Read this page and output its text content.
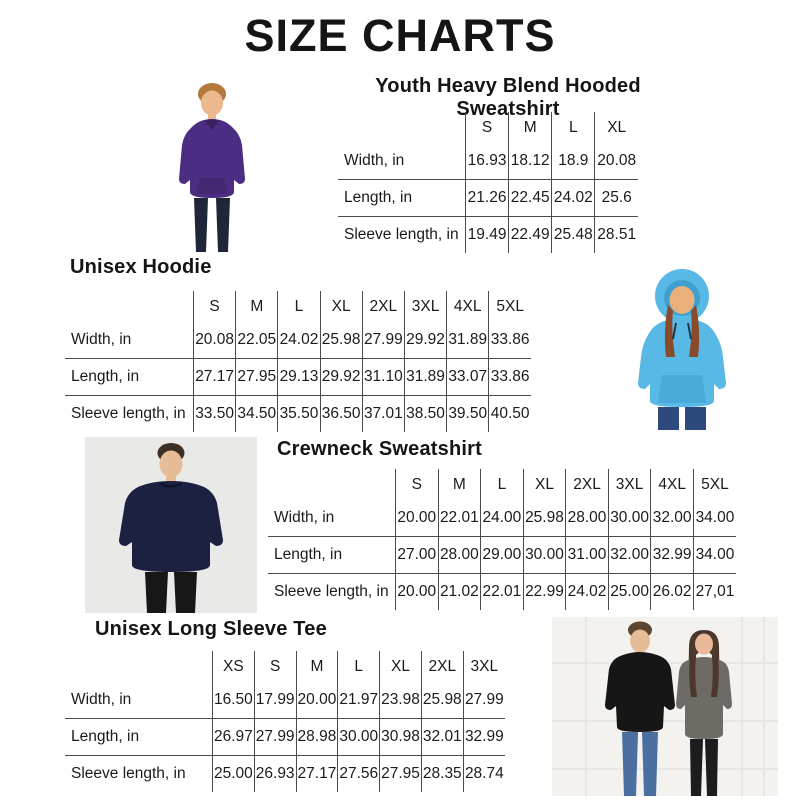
SIZE CHARTS
Youth Heavy Blend Hooded Sweatshirt
	S	M	L	XL
Width, in	16.93	18.12	18.9	20.08
Length, in	21.26	22.45	24.02	25.6
Sleeve length, in	19.49	22.49	25.48	28.51
Unisex Hoodie
	S	M	L	XL	2XL	3XL	4XL	5XL
Width, in	20.08	22.05	24.02	25.98	27.99	29.92	31.89	33.86
Length, in	27.17	27.95	29.13	29.92	31.10	31.89	33.07	33.86
Sleeve length, in	33.50	34.50	35.50	36.50	37.01	38.50	39.50	40.50
Crewneck Sweatshirt
	S	M	L	XL	2XL	3XL	4XL	5XL
Width, in	20.00	22.01	24.00	25.98	28.00	30.00	32.00	34.00
Length, in	27.00	28.00	29.00	30.00	31.00	32.00	32.99	34.00
Sleeve length, in	20.00	21.02	22.01	22.99	24.02	25.00	26.02	27,01
Unisex Long Sleeve Tee
	XS	S	M	L	XL	2XL	3XL
Width, in	16.50	17.99	20.00	21.97	23.98	25.98	27.99
Length, in	26.97	27.99	28.98	30.00	30.98	32.01	32.99
Sleeve length, in	25.00	26.93	27.17	27.56	27.95	28.35	28.74
